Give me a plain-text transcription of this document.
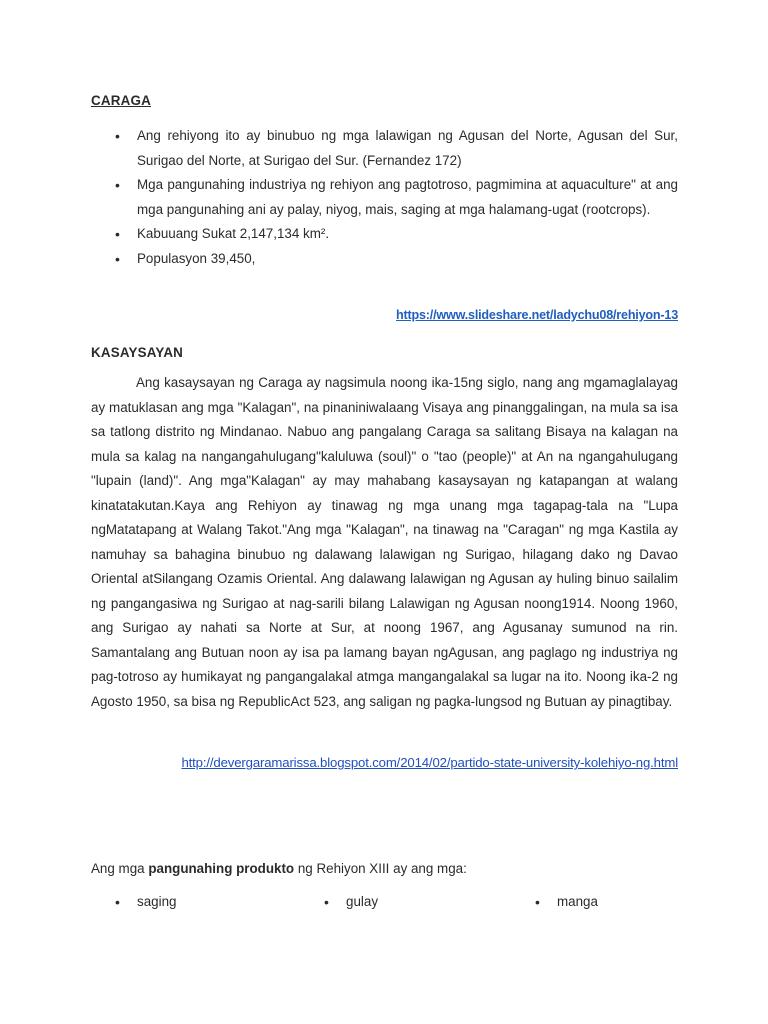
CARAGA
• Ang rehiyong ito ay binubuo ng mga lalawigan ng Agusan del Norte, Agusan del Sur, Surigao del Norte, at Surigao del Sur. (Fernandez 172)
• Mga pangunahing industriya ng rehiyon ang pagtotroso, pagmimina at aquaculture" at ang mga pangunahing ani ay palay, niyog, mais, saging at mga halamang-ugat (rootcrops).
• Kabuuang Sukat 2,147,134 km².
• Populasyon 39,450,
https://www.slideshare.net/ladychu08/rehiyon-13
KASAYSAYAN

Ang kasaysayan ng Caraga ay nagsimula noong ika-15ng siglo, nang ang mgamaglalayag ay matuklasan ang mga "Kalagan", na pinaniniwalaang Visaya ang pinanggalingan, na mula sa isa sa tatlong distrito ng Mindanao. Nabuo ang pangalang Caraga sa salitang Bisaya na kalagan na mula sa kalag na nangangahulugang"kaluluwa (soul)" o "tao (people)" at An na ngangahulugang "lupain (land)". Ang mga"Kalagan" ay may mahabang kasaysayan ng katapangan at walang kinatatakutan.Kaya ang Rehiyon ay tinawag ng mga unang mga tagapag-tala na "Lupa ngMatatapang at Walang Takot."Ang mga "Kalagan", na tinawag na "Caragan" ng mga Kastila ay namuhay sa bahagina binubuo ng dalawang lalawigan ng Surigao, hilagang dako ng Davao Oriental atSilangang Ozamis Oriental. Ang dalawang lalawigan ng Agusan ay huling binuo sailalim ng pangangasiwa ng Surigao at nag-sarili bilang Lalawigan ng Agusan noong1914. Noong 1960, ang Surigao ay nahati sa Norte at Sur, at noong 1967, ang Agusanay sumunod na rin. Samantalang ang Butuan noon ay isa pa lamang bayan ngAgusan, ang paglago ng industriya ng pag-totroso ay humikayat ng pangangalakal atmga mangangalakal sa lugar na ito. Noong ika-2 ng Agosto 1950, sa bisa ng RepublicAct 523, ang saligan ng pagka-lungsod ng Butuan ay pinagtibay.

http://devergaramarissa.blogspot.com/2014/02/partido-state-university-kolehiyo-ng.html
Ang mga pangunahing produkto ng Rehiyon XIII ay ang mga:
• saging	• gulay	• manga
